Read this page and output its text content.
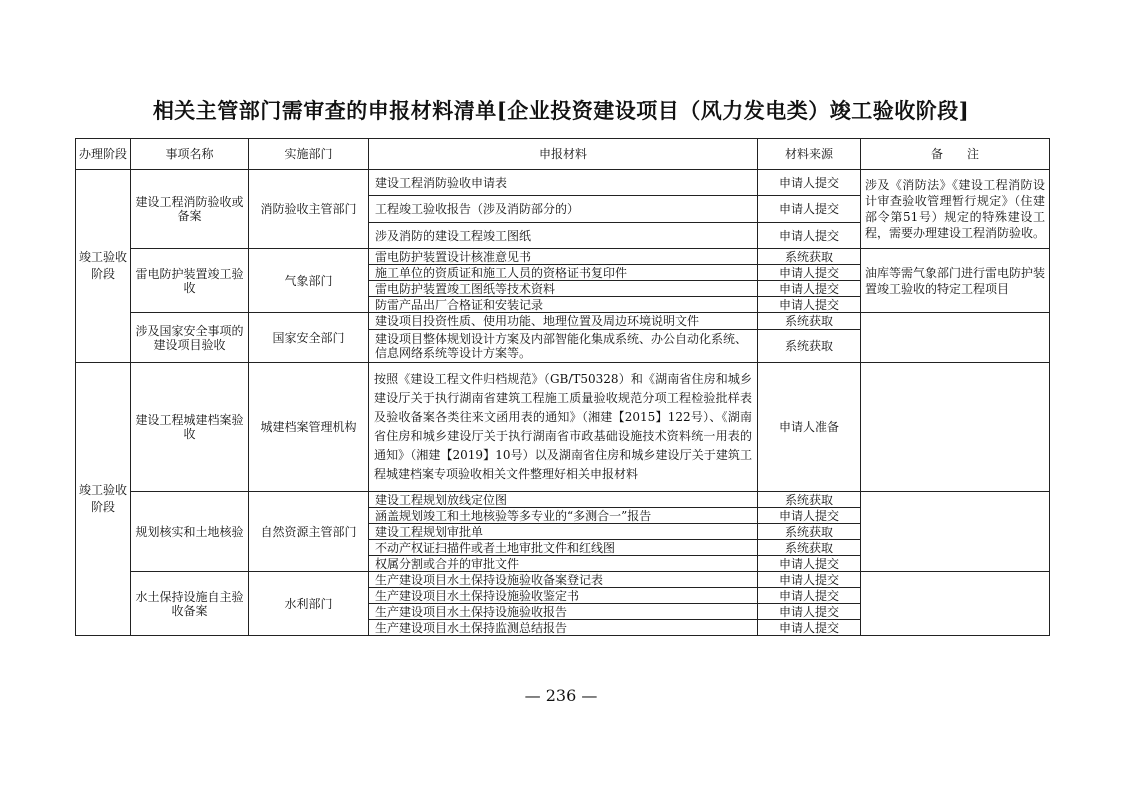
相关主管部门需审查的申报材料清单[企业投资建设项目（风力发电类）竣工验收阶段]
办理阶段	事项名称	实施部门	申报材料	材料来源	备　　注
竣工验收阶段	建设工程消防验收或备案	消防验收主管部门	建设工程消防验收申请表	申请人提交	涉及《消防法》《建设工程消防设计审查验收管理暂行规定》（住建部令第51号）规定的特殊建设工程，需要办理建设工程消防验收。
			工程竣工验收报告（涉及消防部分的）	申请人提交	
			涉及消防的建设工程竣工图纸	申请人提交	
	雷电防护装置竣工验收	气象部门	雷电防护装置设计核准意见书	系统获取	油库等需气象部门进行雷电防护装置竣工验收的特定工程项目
			施工单位的资质证和施工人员的资格证书复印件	申请人提交	
			雷电防护装置竣工图纸等技术资料	申请人提交	
			防雷产品出厂合格证和安装记录	申请人提交	
	涉及国家安全事项的建设项目验收	国家安全部门	建设项目投资性质、使用功能、地理位置及周边环境说明文件	系统获取	
			建设项目整体规划设计方案及内部智能化集成系统、办公自动化系统、信息网络系统等设计方案等。	系统获取	
竣工验收阶段	建设工程城建档案验收	城建档案管理机构	按照《建设工程文件归档规范》（GB/T50328）和《湖南省住房和城乡建设厅关于执行湖南省建筑工程施工质量验收规范分项工程检验批样表及验收备案各类往来文函用表的通知》（湘建【2015】122号）、《湖南省住房和城乡建设厅关于执行湖南省市政基础设施技术资料统一用表的通知》（湘建【2019】10号）以及湖南省住房和城乡建设厅关于建筑工程城建档案专项验收相关文件整理好相关申报材料	申请人准备	
	规划核实和土地核验	自然资源主管部门	建设工程规划放线定位图	系统获取	
			涵盖规划竣工和土地核验等多专业的“多测合一”报告	申请人提交	
			建设工程规划审批单	系统获取	
			不动产权证扫描件或者土地审批文件和红线图	系统获取	
			权属分割或合并的审批文件	申请人提交	
	水土保持设施自主验收备案	水利部门	生产建设项目水土保持设施验收备案登记表	申请人提交	
			生产建设项目水土保持设施验收鉴定书	申请人提交	
			生产建设项目水土保持设施验收报告	申请人提交	
			生产建设项目水土保持监测总结报告	申请人提交	
— 236 —
